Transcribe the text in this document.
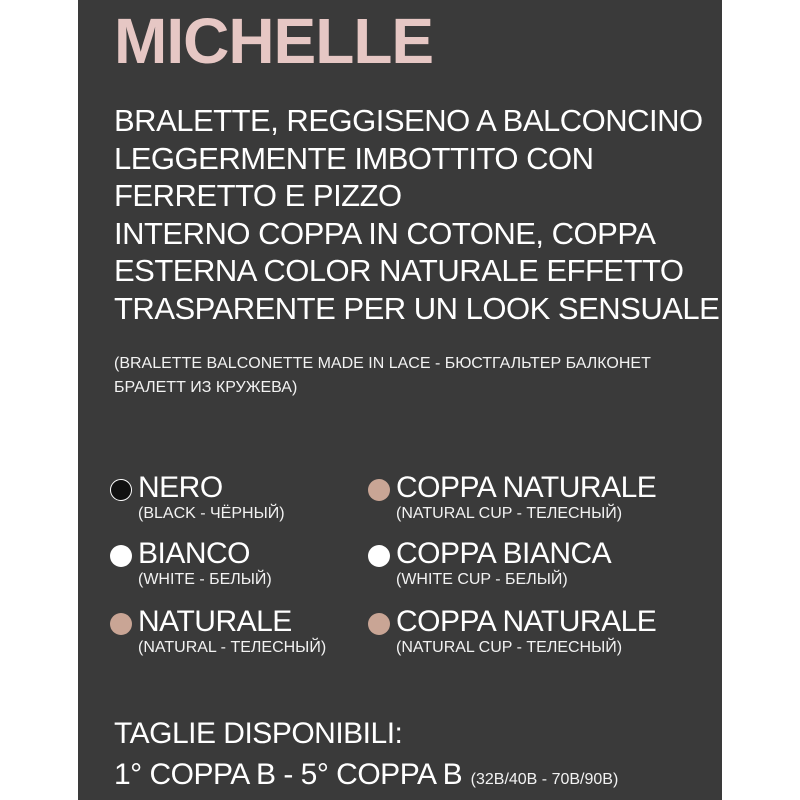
MICHELLE
BRALETTE, REGGISENO A BALCONCINO
LEGGERMENTE IMBOTTITO CON
FERRETTO E PIZZO
INTERNO COPPA IN COTONE, COPPA
ESTERNA COLOR NATURALE EFFETTO
TRASPARENTE PER UN LOOK SENSUALE
(BRALETTE BALCONETTE MADE IN LACE - БЮСТГАЛЬТЕР БАЛКОНЕТ
БРАЛЕТТ ИЗ КРУЖЕВА)
NERO
(BLACK - ЧЁРНЫЙ)
COPPA NATURALE
(NATURAL CUP - ТЕЛЕСНЫЙ)
BIANCO
(WHITE - БЕЛЫЙ)
COPPA BIANCA
(WHITE CUP - БЕЛЫЙ)
NATURALE
(NATURAL - ТЕЛЕСНЫЙ)
COPPA NATURALE
(NATURAL CUP - ТЕЛЕСНЫЙ)
TAGLIE DISPONIBILI:
1° COPPA B - 5° COPPA B (32B/40B - 70B/90B)
